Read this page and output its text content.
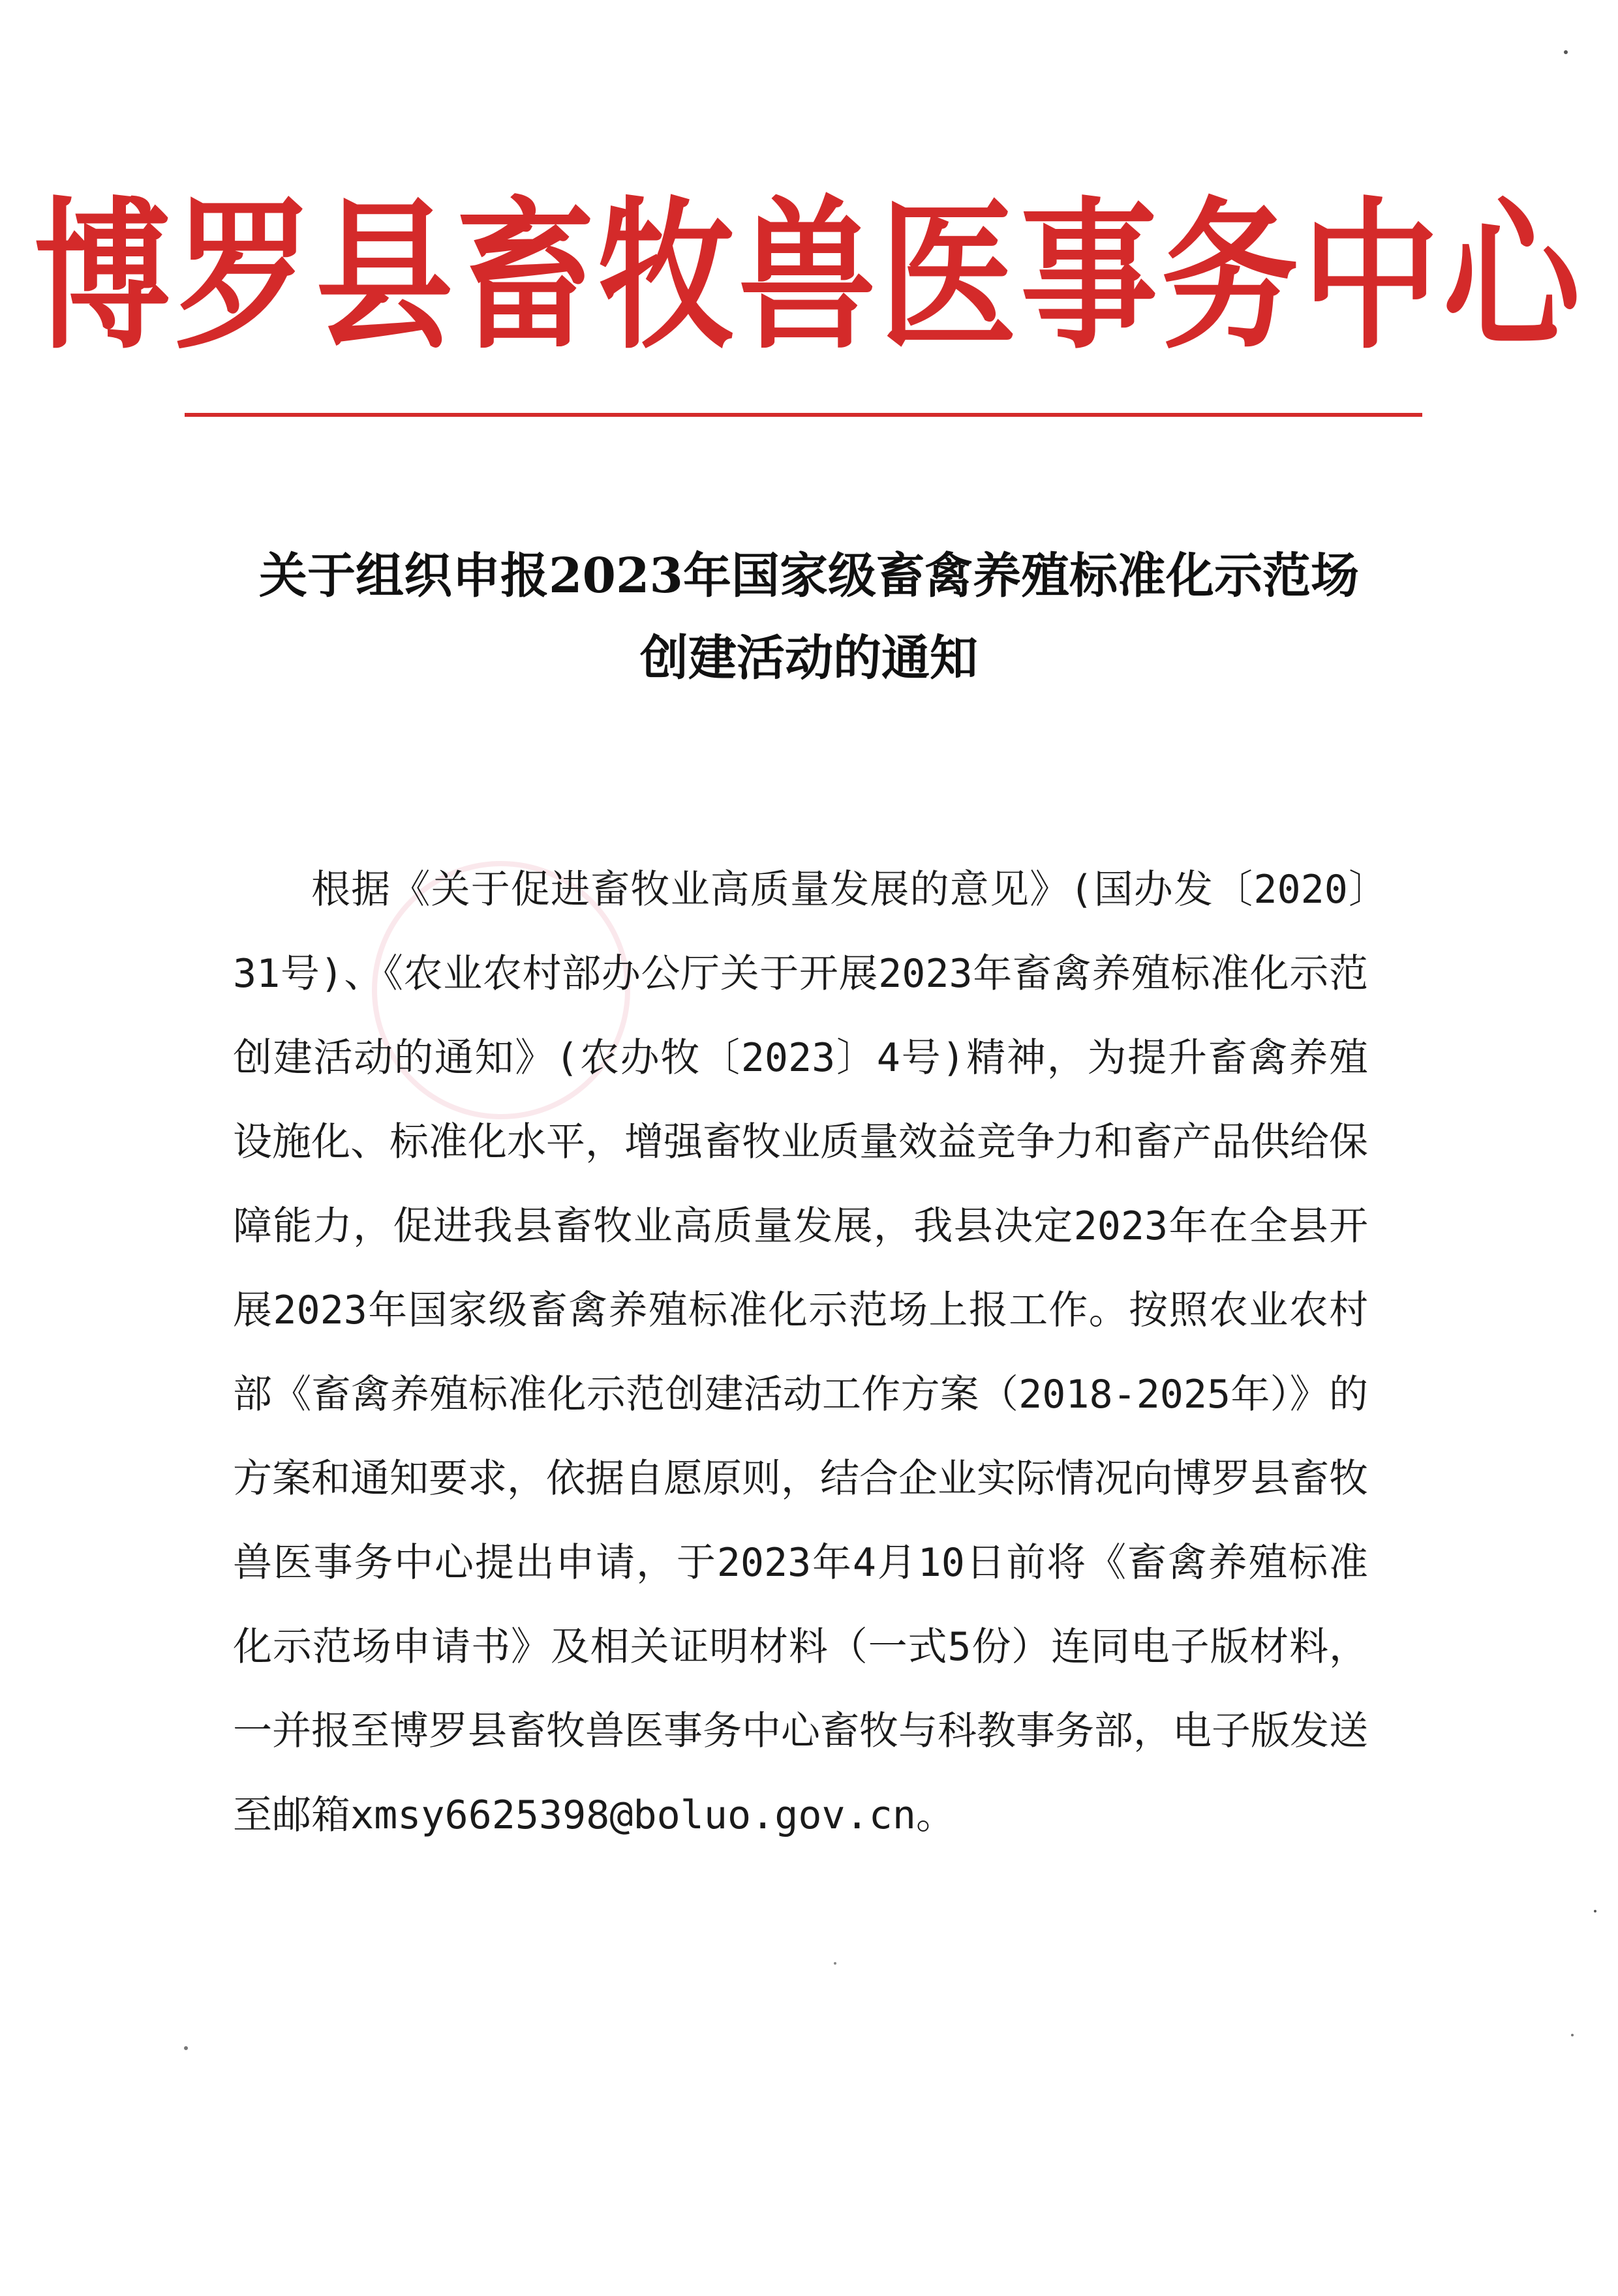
博罗县畜牧兽医事务中心
关于组织申报2023年国家级畜禽养殖标准化示范场
创建活动的通知

根据《关于促进畜牧业高质量发展的意见》(国办发〔2020〕31号)、《农业农村部办公厅关于开展2023年畜禽养殖标准化示范创建活动的通知》(农办牧〔2023〕4号)精神，为提升畜禽养殖设施化、标准化水平，增强畜牧业质量效益竞争力和畜产品供给保障能力，促进我县畜牧业高质量发展，我县决定2023年在全县开展2023年国家级畜禽养殖标准化示范场上报工作。按照农业农村部《畜禽养殖标准化示范创建活动工作方案（2018-2025年）》的方案和通知要求，依据自愿原则，结合企业实际情况向博罗县畜牧兽医事务中心提出申请，于2023年4月10日前将《畜禽养殖标准化示范场申请书》及相关证明材料（一式5份）连同电子版材料，一并报至博罗县畜牧兽医事务中心畜牧与科教事务部，电子版发送至邮箱xmsy6625398@boluo.gov.cn。
